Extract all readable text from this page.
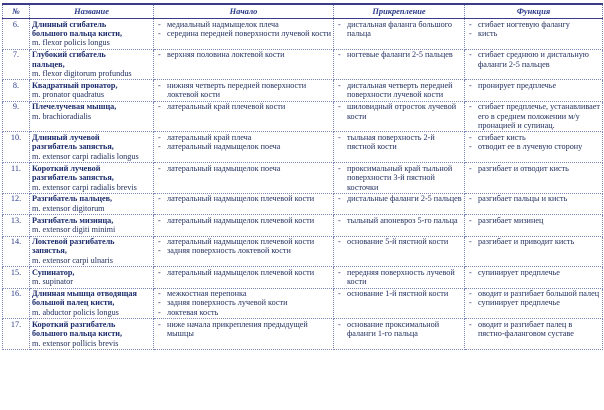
№	Название	Начало	Прикрепление	Функция
6.	Длинный сгибатель
большого пальца кисти,
m. flexor policis longus	- медиальный надмыщелок плеча
- середина передней поверхности лучевой кости	- дистальная фаланга большого пальца	- сгибает ногтевую фалангу
- кисть

7.	Глубокий сгибатель
пальцев,
m. flexor digitorum profundus	- верхняя половина локтевой кости	- ногтевые фаланги 2-5 пальцев	- сгибает среднюю и дистальную фаланги 2-5 пальцев

8.	Квадратный пронатор,
m. pronator quadratus	- нижняя четверть передней поверхности локтевой кости	- дистальная четверть передней поверхности лучевой кости	- пронирует предплечье

9.	Плечелучевая мышца,
m. brachioradialis	- латеральный край плечевой кости	- шиловидный отросток лучевой кости	- сгибает предплечье, устанавливает его в среднем положении м/у пронацией и супинац.

10.	Длинный лучевой
разгибатель запястья,
m. extensor carpi radialis longus	- латеральный край плеча
- латеральный надмыщелок поеча	- тыльная поверхность 2-й пястной кости	- сгибает кисть
- отводит ее в лучевую сторону

11.	Короткий лучевой
разгибатель запястья,
m. extensor carpi radialis brevis	- латеральный надмыщелок поеча	- проксимальный край тыльной поверхности 3-й пястной косточки	- разгибает и отводит кисть

12.	Разгибатель пальцев,
m. extensor digitorum	- латеральный надмыщелок плечевой кости	- дистальные фаланги 2-5 пальцев	- разгибает пальцы и кисть

13.	Разгибатель мизинца,
m. extensor digiti minimi	- латеральный надмыщелок плечевой кости	- тыльный апоневроз 5-го пальца	- разгибает мизинец

14.	Локтевой разгибатель
запястья,
m. extensor carpi ulnaris	- латеральный надмыщелок плечевой кости
- задняя поверхность локтевой кости	- основание 5-й пястной кости	- разгибает и приводит кисть

15.	Супинатор,
m. supinator	- латеральный надмыщелок плечевой кости	- передняя поверхность лучевой кости	- супинирует предплечье

16.	Длинная мышца отводящая
большой палец кисти,
m. abductor policis longus	- межкостная перепонка
- задняя поверхность лучевой кости
- локтевая кость	- основание 1-й пястной кости	- оводит и разгибает большой палец
- супинирует предплечье

17.	Короткий разгибатель
большого пальца кисти,
m. extensor pollicis brevis	- ниже начала прикрепления предыдущей мышцы	- основание проксимальной фаланги 1-го пальца	- оводит и разгибает палец в пястно-фаланговом суставе
